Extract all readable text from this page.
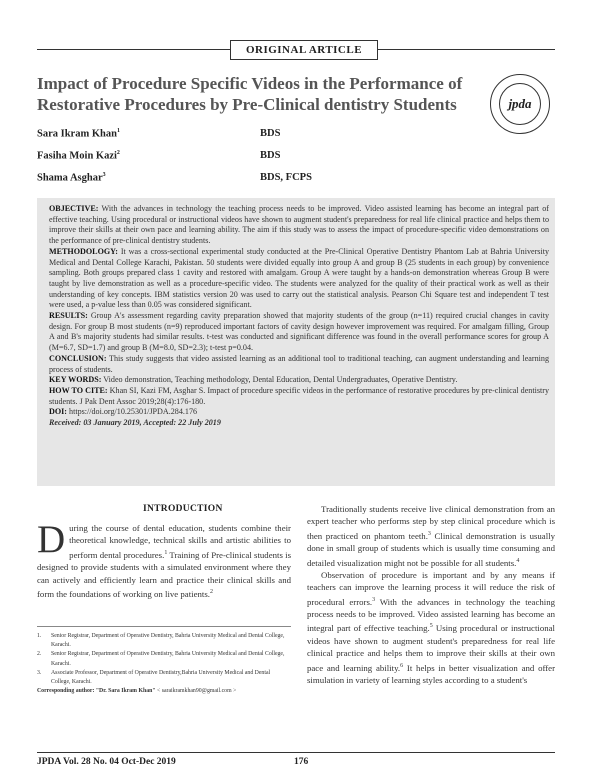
ORIGINAL ARTICLE
Impact of Procedure Specific Videos in the Performance of Restorative Procedures by Pre-Clinical dentistry Students	jpda
Sara Ikram Khan$^1$	BDS
Fasiha Moin Kazi$^2$	BDS
Shama Asghar$^3$	BDS, FCPS

OBJECTIVE: With the advances in technology the teaching process needs to be improved. Video assisted learning has become an integral part of effective teaching. Using procedural or instructional videos have shown to augment student's preparedness for real life clinical practice and helps them to improve their skills at their own pace and learning ability. The aim if this study was to assess the impact of procedure-specific video demonstrations on the performance of pre-clinical dentistry students.

METHODOLOGY: It was a cross-sectional experimental study conducted at the Pre-Clinical Operative Dentistry Phantom Lab at Bahria University Medical and Dental College Karachi, Pakistan. 50 students were divided equally into group A and group B (25 students in each group) by convenience sampling. Both groups prepared class 1 cavity and restored with amalgam. Group A were taught by a hands-on demonstration whereas Group B were taught by live demonstration as well as a procedure-specific video. The students were analyzed for the quality of their practical work as well as their understanding of key concepts. IBM statistics version 20 was used to carry out the statistical analysis. Pearson Chi Square test and independent T test were used, a p-value less than 0.05 was considered significant.

RESULTS: Group A's assessment regarding cavity preparation showed that majority students of the group (n=11) required crucial changes in cavity design. For group B most students (n=9) reproduced important factors of cavity design however improvement was required. For amalgam filling, Group A and B's majority students had similar results. t-test was conducted and significant difference was found in the overall performance scores for group A (M=6.7, SD=1.7) and group B (M=8.0, SD=2.3); t-test p=0.04.

CONCLUSION: This study suggests that video assisted learning as an additional tool to traditional teaching, can augment understanding and learning process of students.

KEY WORDS: Video demonstration, Teaching methodology, Dental Education, Dental Undergraduates, Operative Dentistry.

HOW TO CITE: Khan SI, Kazi FM, Asghar S. Impact of procedure specific videos in the performance of restorative procedures by pre-clinical dentistry students. J Pak Dent Assoc 2019;28(4):176-180.

DOI: https://doi.org/10.25301/JPDA.284.176

Received: 03 January 2019, Accepted: 22 July 2019

INTRODUCTION

During the course of dental education, students combine their theoretical knowledge, technical skills and artistic abilities to perform dental procedures.$^1$ Training of Pre-clinical students is designed to provide students with a simulated environment where they can actively and efficiently learn and practice their clinical skills and form the foundations of working on live patients.$^2$

1.	Senior Registrar, Department of Operative Dentistry, Bahria University Medical and Dental College, Karachi.
2.	Senior Registrar, Department of Operative Dentistry, Bahria University Medical and Dental College, Karachi.
3.	Associate Professor, Department of Operative Dentistry,Bahria University Medical and Dental College, Karachi.
Corresponding author: "Dr. Sara Ikram Khan" < saraikramkhan90@gmail.com >

Traditionally students receive live clinical demonstration from an expert teacher who performs step by step clinical procedure which is then practiced on phantom teeth.$^3$ Clinical demonstration is usually done in small group of students which is usually time consuming and detailed visualization might not be possible for all students.$^4$

Observation of procedure is important and by any means if teachers can improve the learning process it will reduce the risk of procedural errors.$^3$ With the advances in technology the teaching process needs to be improved. Video assisted learning has become an integral part of effective teaching.$^5$ Using procedural or instructional videos have shown to augment student's preparedness for real life clinical practice and helps them to improve their skills at their own pace and learning ability.$^6$ It helps in better visualization and offer simulation in variety of learning styles according to a student's

JPDA Vol. 28 No. 04 Oct-Dec 2019	176
